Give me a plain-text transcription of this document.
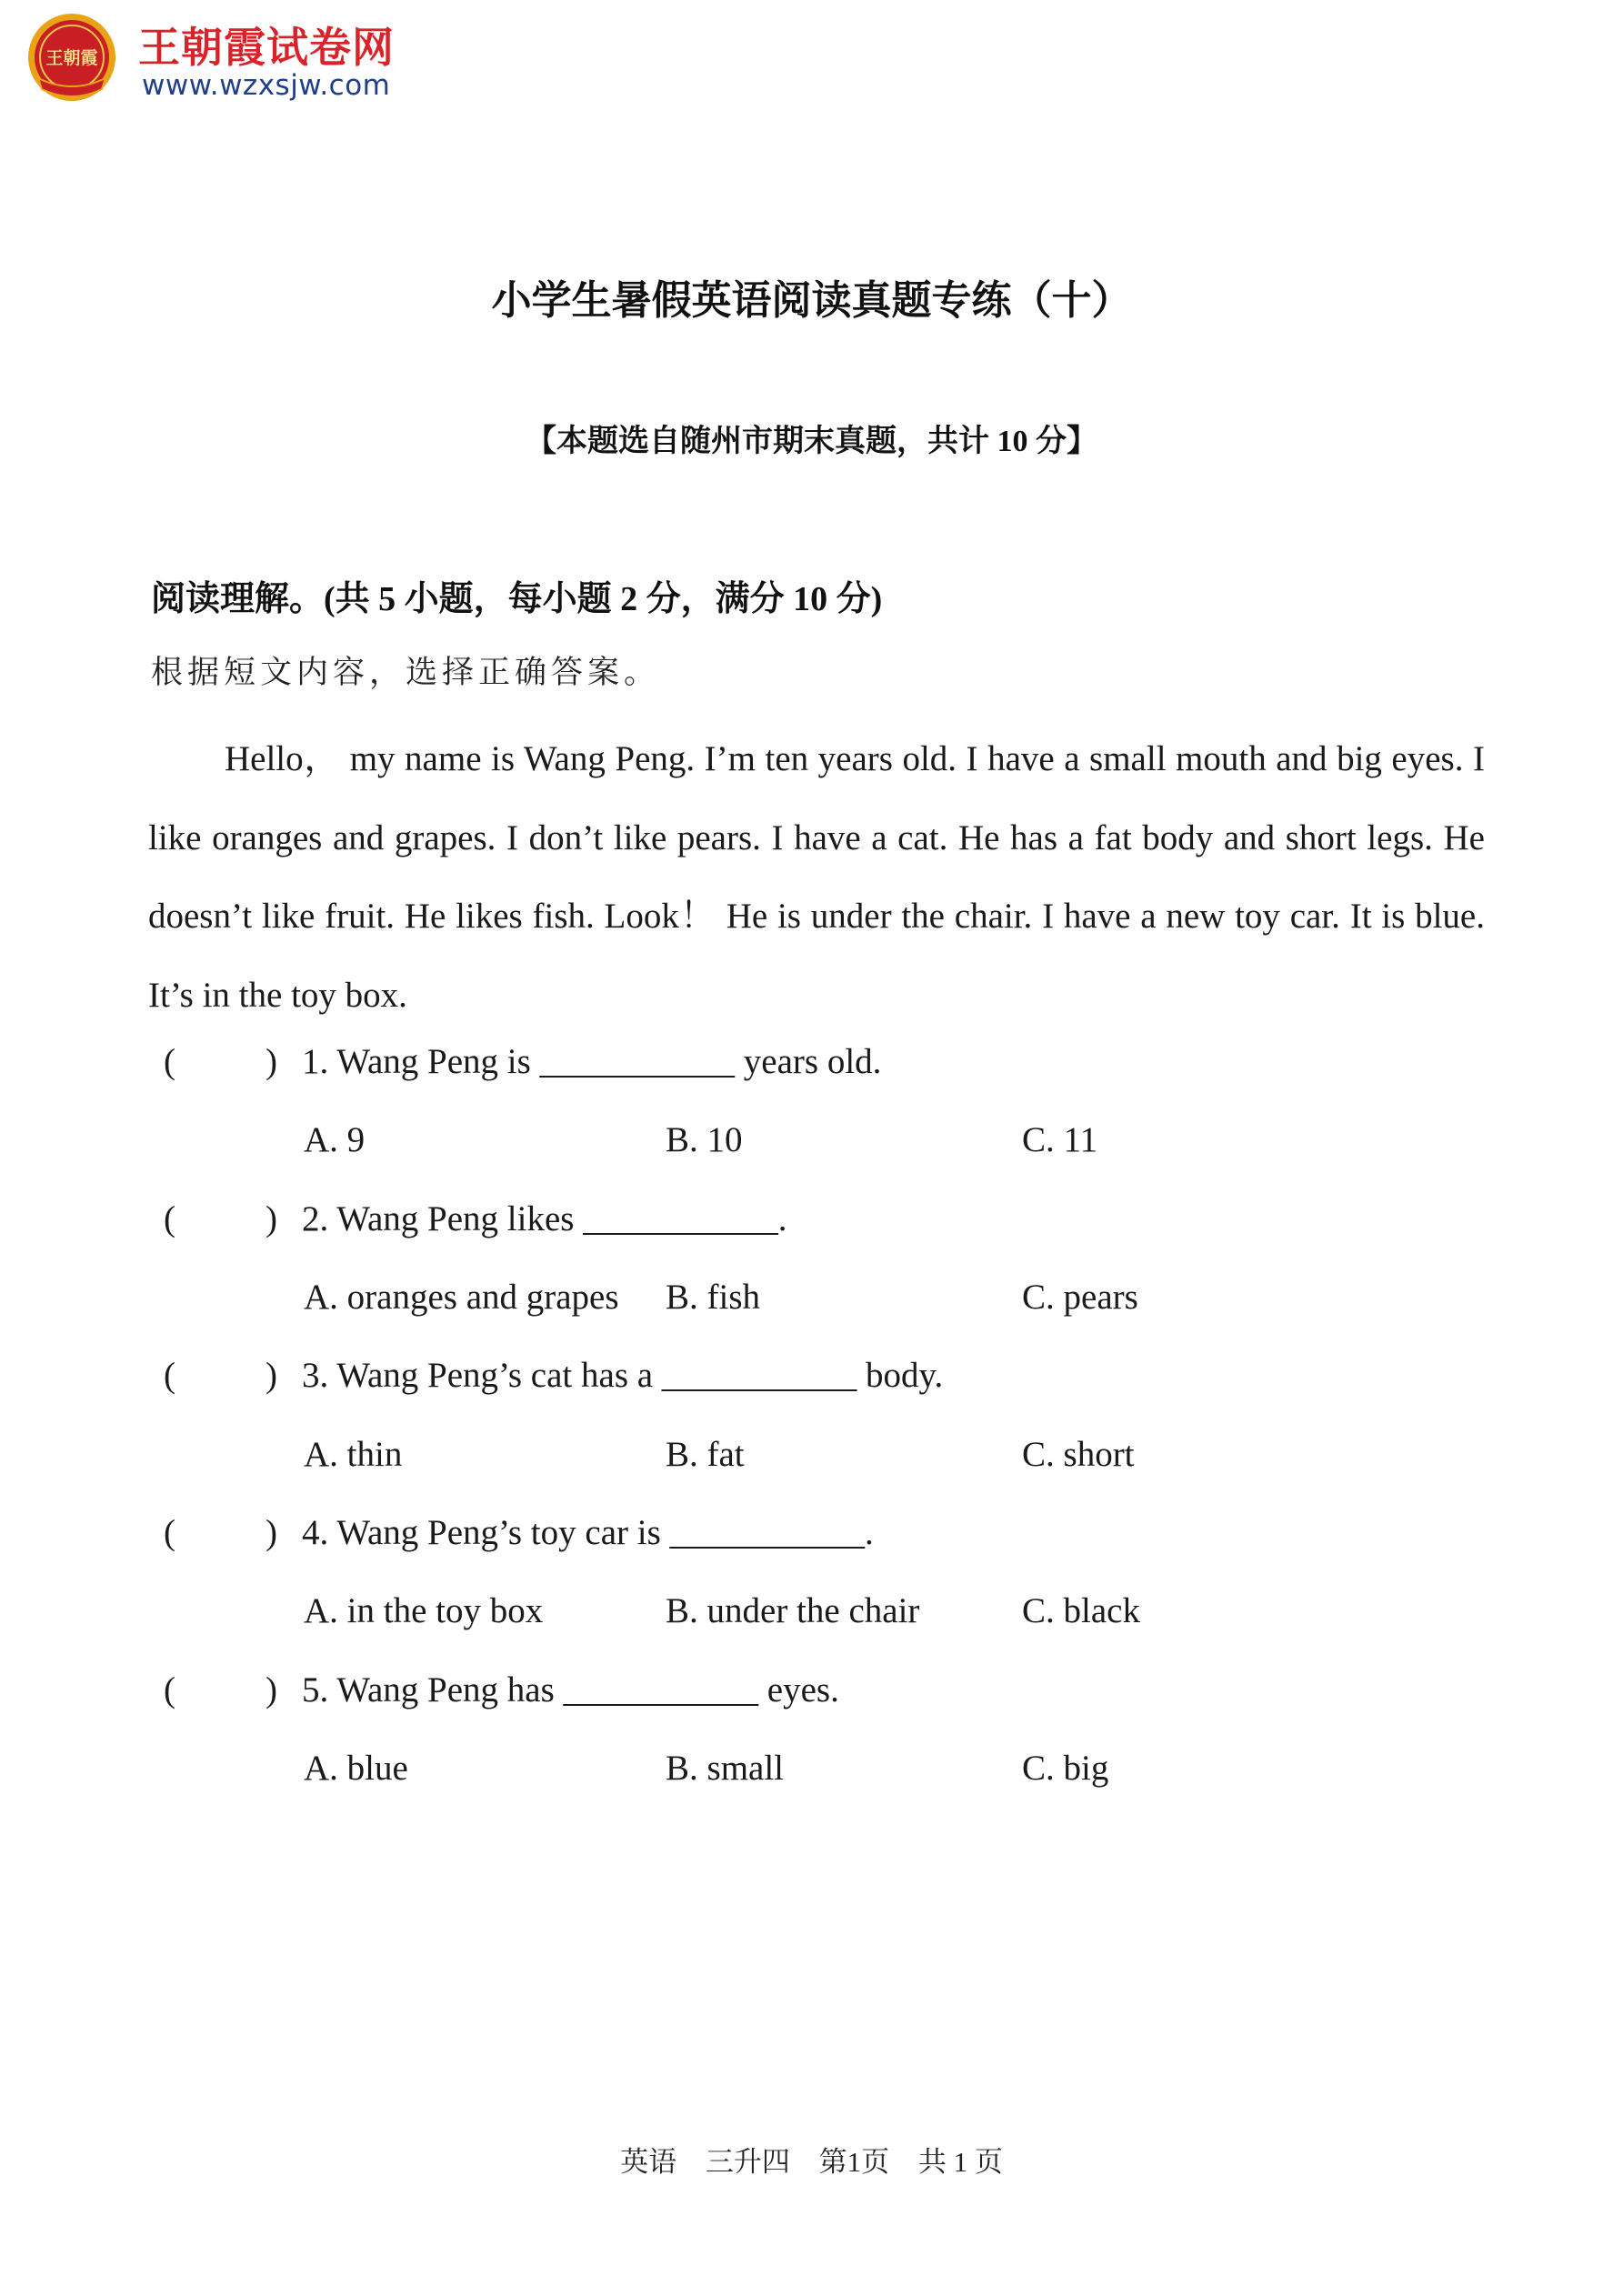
王朝霞 王朝霞试卷网
www.wzxsjw.com
小学生暑假英语阅读真题专练（十）
【本题选自随州市期末真题，共计 10 分】
阅读理解。(共 5 小题，每小题 2 分，满分 10 分)
根据短文内容，选择正确答案。
Hello， my name is Wang Peng. I’m ten years old. I have a small mouth and big eyes. I like oranges and grapes. I don’t like pears. I have a cat. He has a fat body and short legs. He doesn’t like fruit. He likes fish. Look！ He is under the chair. I have a new toy car. It is blue. It’s in the toy box.
(	) 1. Wang Peng is ___________ years old.
A. 9	B. 10	C. 11
(	) 2. Wang Peng likes ___________.
A. oranges and grapes B. fish	C. pears
(	) 3. Wang Peng’s cat has a ___________ body.
A. thin	B. fat	C. short
(	) 4. Wang Peng’s toy car is ___________.
A. in the toy box	B. under the chair	C. black
(	) 5. Wang Peng has ___________ eyes.
A. blue	B. small	C. big
英语 三升四 第1页 共 1 页
